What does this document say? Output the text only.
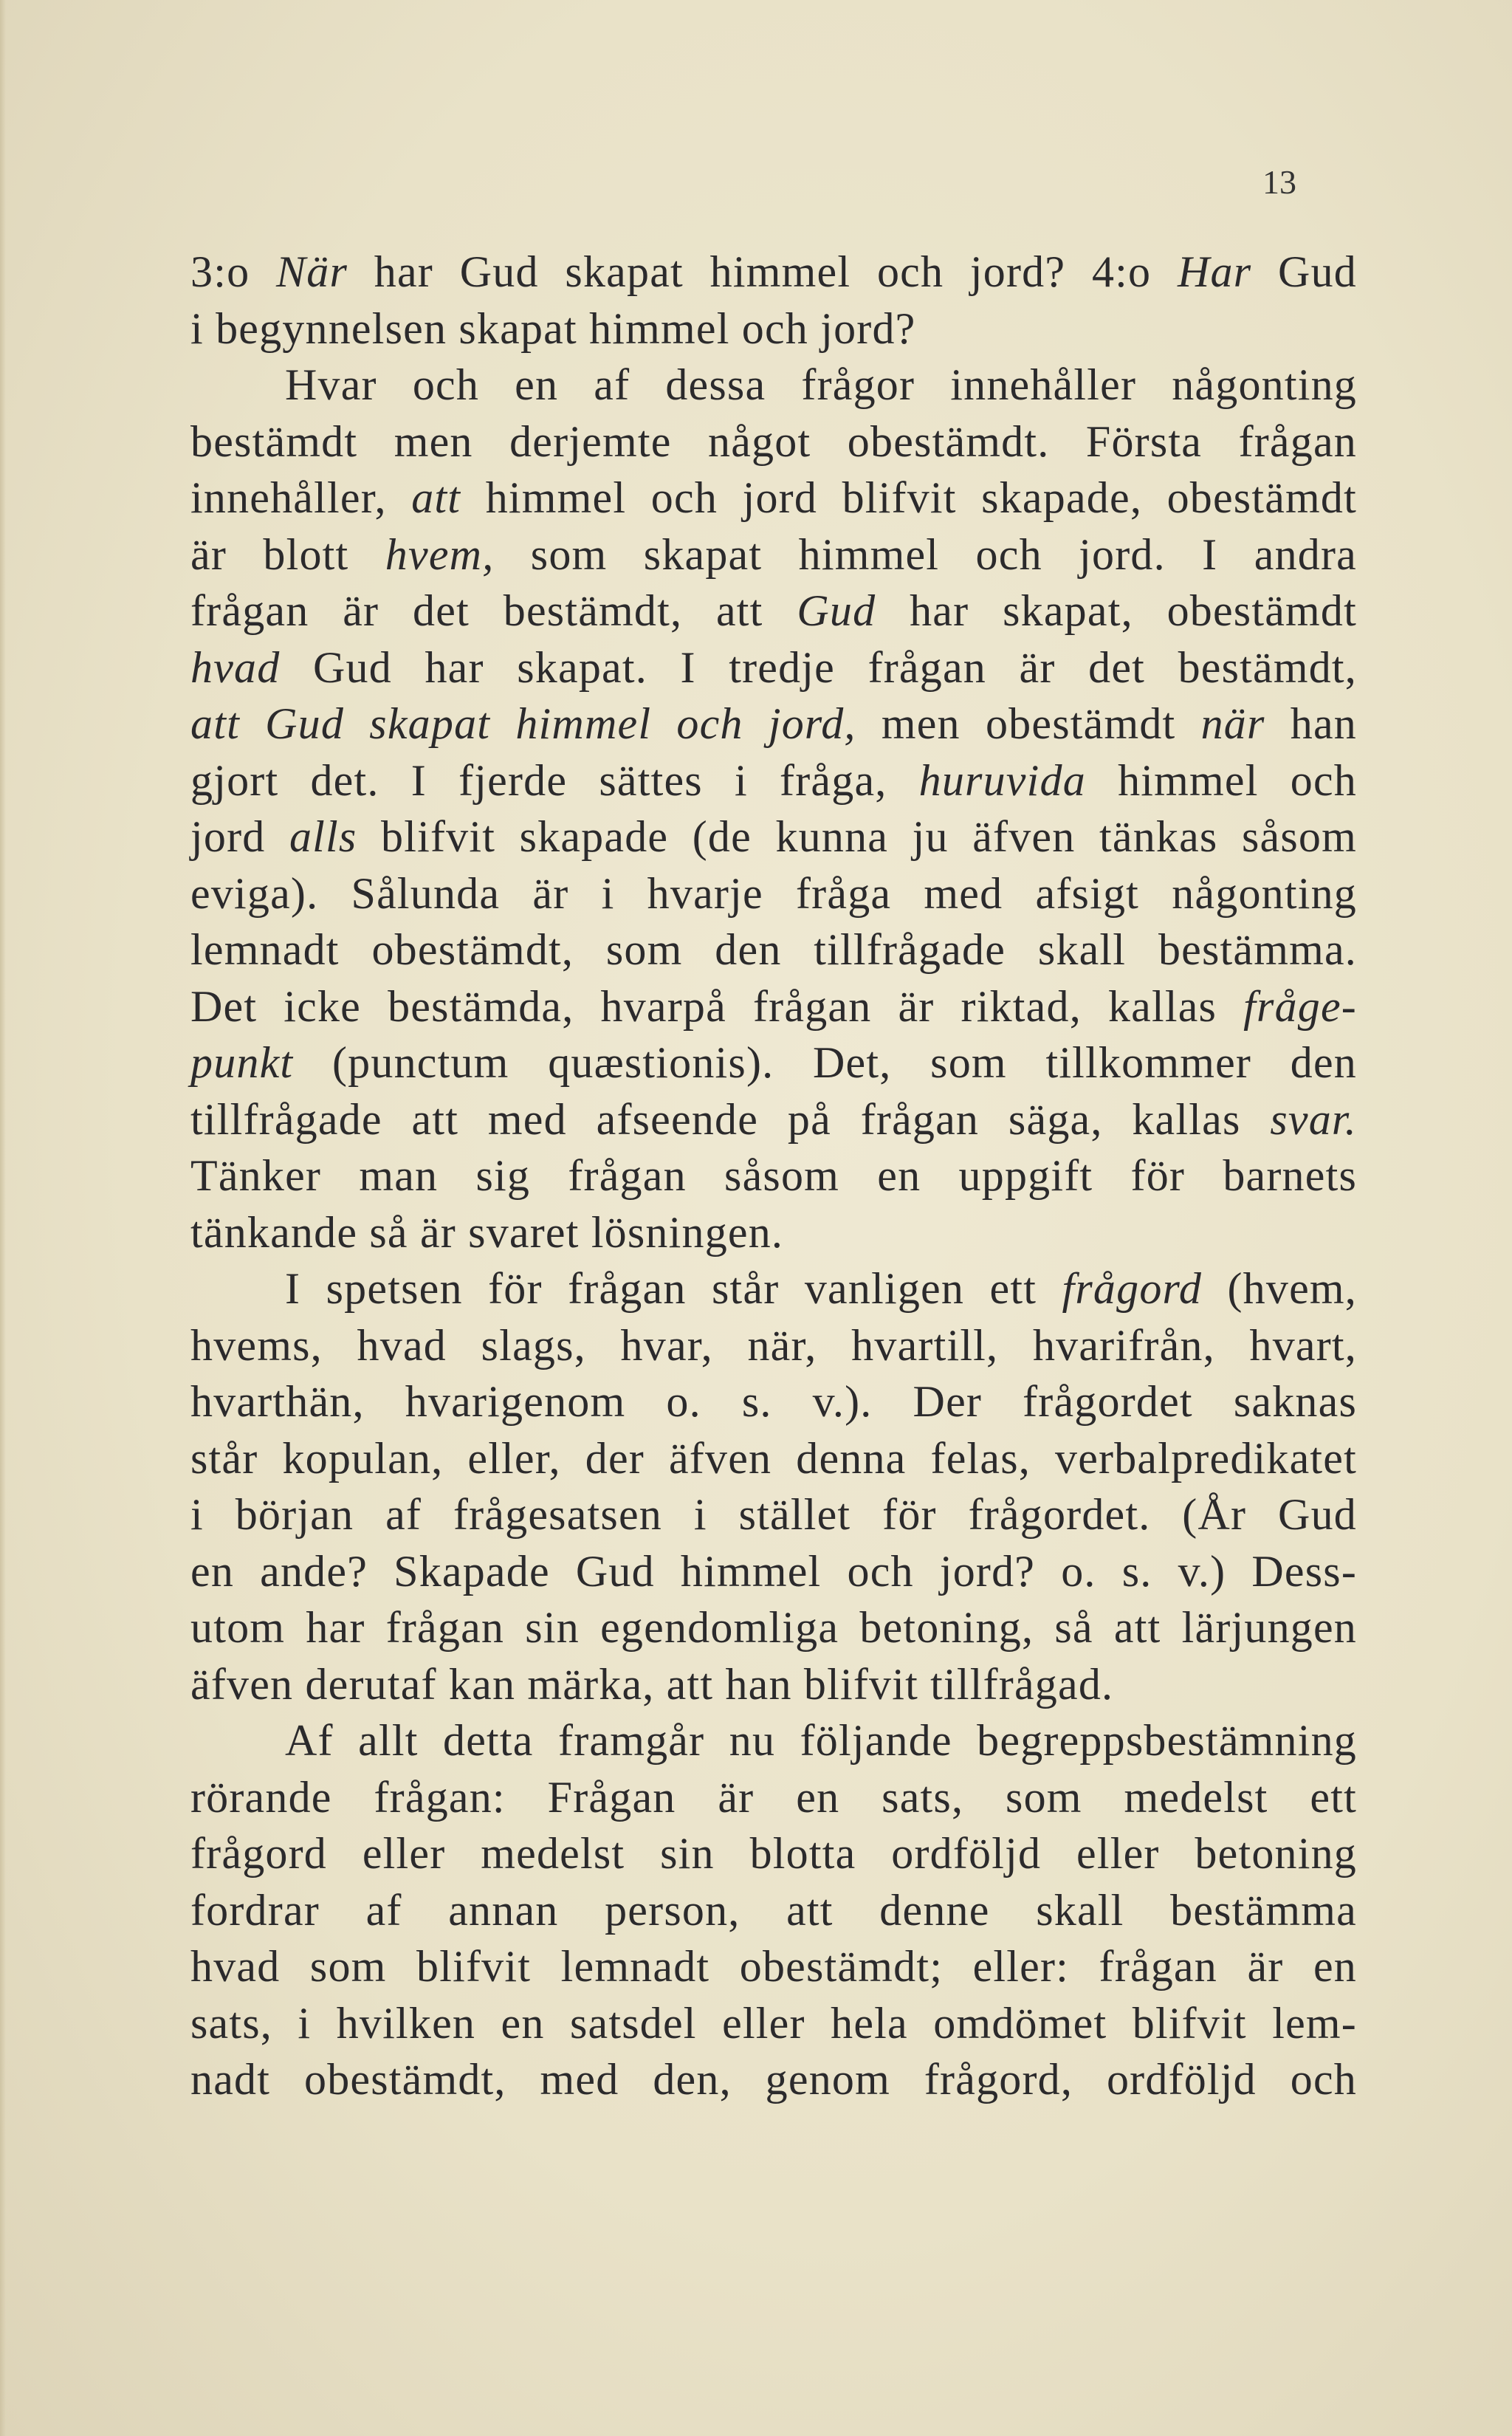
13
3:o När har Gud skapat himmel och jord? 4:o Har Gud
i begynnelsen skapat himmel och jord?
Hvar och en af dessa frågor innehåller någonting
bestämdt men derjemte något obestämdt. Första frågan
innehåller, att himmel och jord blifvit skapade, obestämdt
är blott hvem, som skapat himmel och jord. I andra
frågan är det bestämdt, att Gud har skapat, obestämdt
hvad Gud har skapat. I tredje frågan är det bestämdt,
att Gud skapat himmel och jord, men obestämdt när han
gjort det. I fjerde sättes i fråga, huruvida himmel och
jord alls blifvit skapade (de kunna ju äfven tänkas såsom
eviga). Sålunda är i hvarje fråga med afsigt någonting
lemnadt obestämdt, som den tillfrågade skall bestämma.
Det icke bestämda, hvarpå frågan är riktad, kallas fråge-
punkt (punctum quæstionis). Det, som tillkommer den
tillfrågade att med afseende på frågan säga, kallas svar.
Tänker man sig frågan såsom en uppgift för barnets
tänkande så är svaret lösningen.
I spetsen för frågan står vanligen ett frågord (hvem,
hvems, hvad slags, hvar, när, hvartill, hvarifrån, hvart,
hvarthän, hvarigenom o. s. v.). Der frågordet saknas
står kopulan, eller, der äfven denna felas, verbalpredikatet
i början af frågesatsen i stället för frågordet. (År Gud
en ande? Skapade Gud himmel och jord? o. s. v.) Dess-
utom har frågan sin egendomliga betoning, så att lärjungen
äfven derutaf kan märka, att han blifvit tillfrågad.
Af allt detta framgår nu följande begreppsbestämning
rörande frågan: Frågan är en sats, som medelst ett
frågord eller medelst sin blotta ordföljd eller betoning
fordrar af annan person, att denne skall bestämma
hvad som blifvit lemnadt obestämdt; eller: frågan är en
sats, i hvilken en satsdel eller hela omdömet blifvit lem-
nadt obestämdt, med den, genom frågord, ordföljd och
